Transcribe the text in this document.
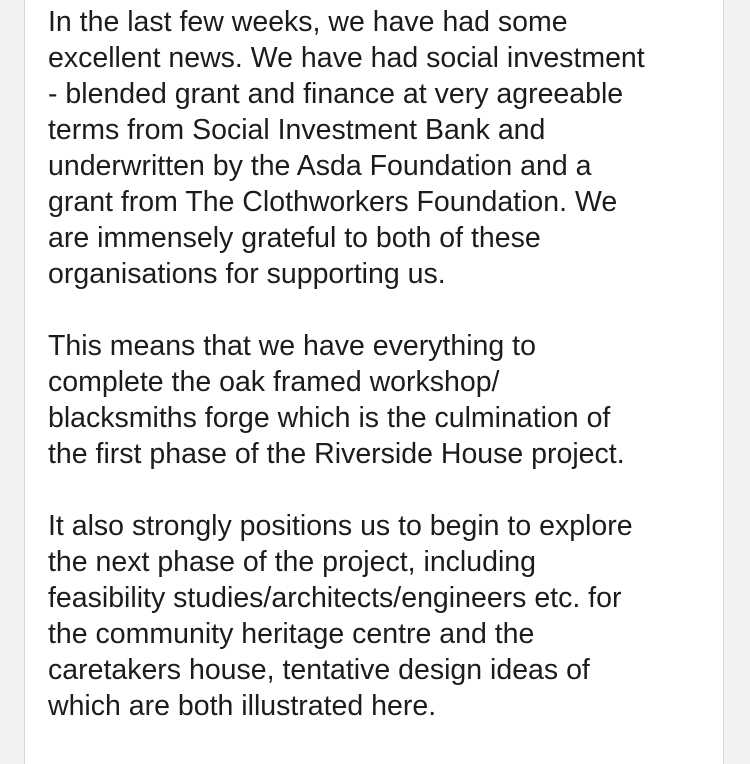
In the last few weeks, we have had some
excellent news. We have had social investment
- blended grant and finance at very agreeable
terms from Social Investment Bank and
underwritten by the Asda Foundation and a
grant from The Clothworkers Foundation. We
are immensely grateful to both of these
organisations for supporting us.

This means that we have everything to
complete the oak framed workshop/
blacksmiths forge which is the culmination of
the first phase of the Riverside House project.

It also strongly positions us to begin to explore
the next phase of the project, including
feasibility studies/architects/engineers etc. for
the community heritage centre and the
caretakers house, tentative design ideas of
which are both illustrated here.
